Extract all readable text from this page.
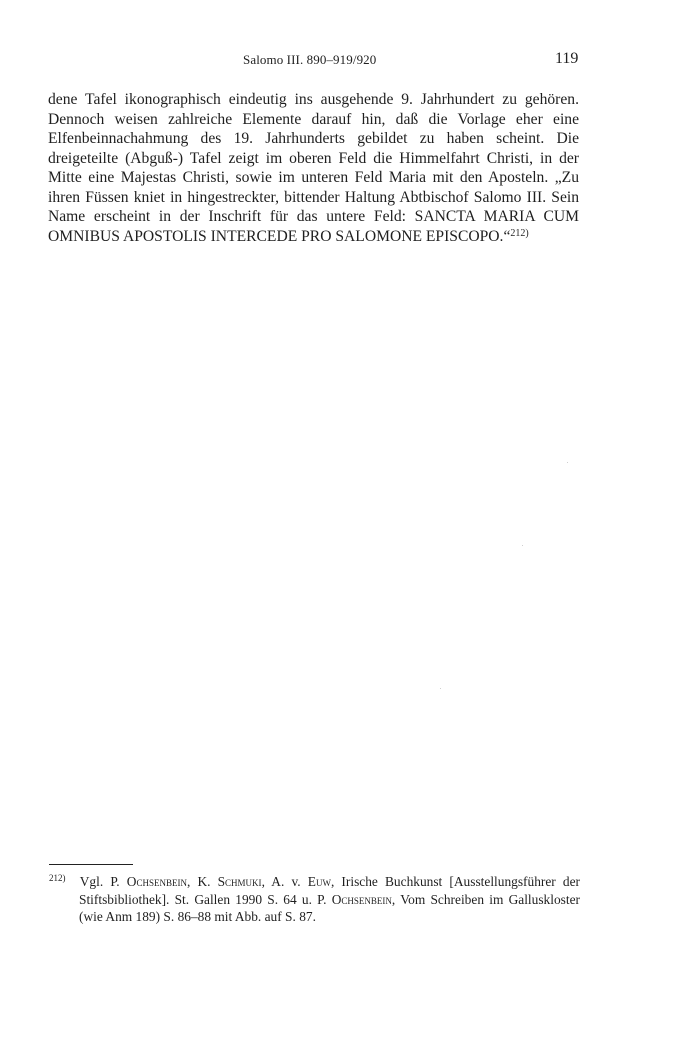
Salomo III. 890–919/920	119

dene Tafel ikonographisch eindeutig ins ausgehende 9. Jahrhundert zu gehören. Dennoch weisen zahlreiche Elemente darauf hin, daß die Vorlage eher eine Elfenbeinnachahmung des 19. Jahrhunderts gebildet zu haben scheint. Die dreigeteilte (Abguß-) Tafel zeigt im oberen Feld die Himmelfahrt Christi, in der Mitte eine Majestas Christi, sowie im unteren Feld Maria mit den Aposteln. „Zu ihren Füssen kniet in hingestreckter, bittender Haltung Abtbischof Salomo III. Sein Name erscheint in der Inschrift für das untere Feld: SANCTA MARIA CUM OMNIBUS APOSTOLIS INTERCEDE PRO SALOMONE EPISCOPO.“$^{212)}$

$^{212)}$ Vgl. P. Ochsenbein, K. Schmuki, A. v. Euw, Irische Buchkunst [Ausstellungsführer der Stiftsbibliothek]. St. Gallen 1990 S. 64 u. P. Ochsenbein, Vom Schreiben im Galluskloster (wie Anm 189) S. 86–88 mit Abb. auf S. 87.
